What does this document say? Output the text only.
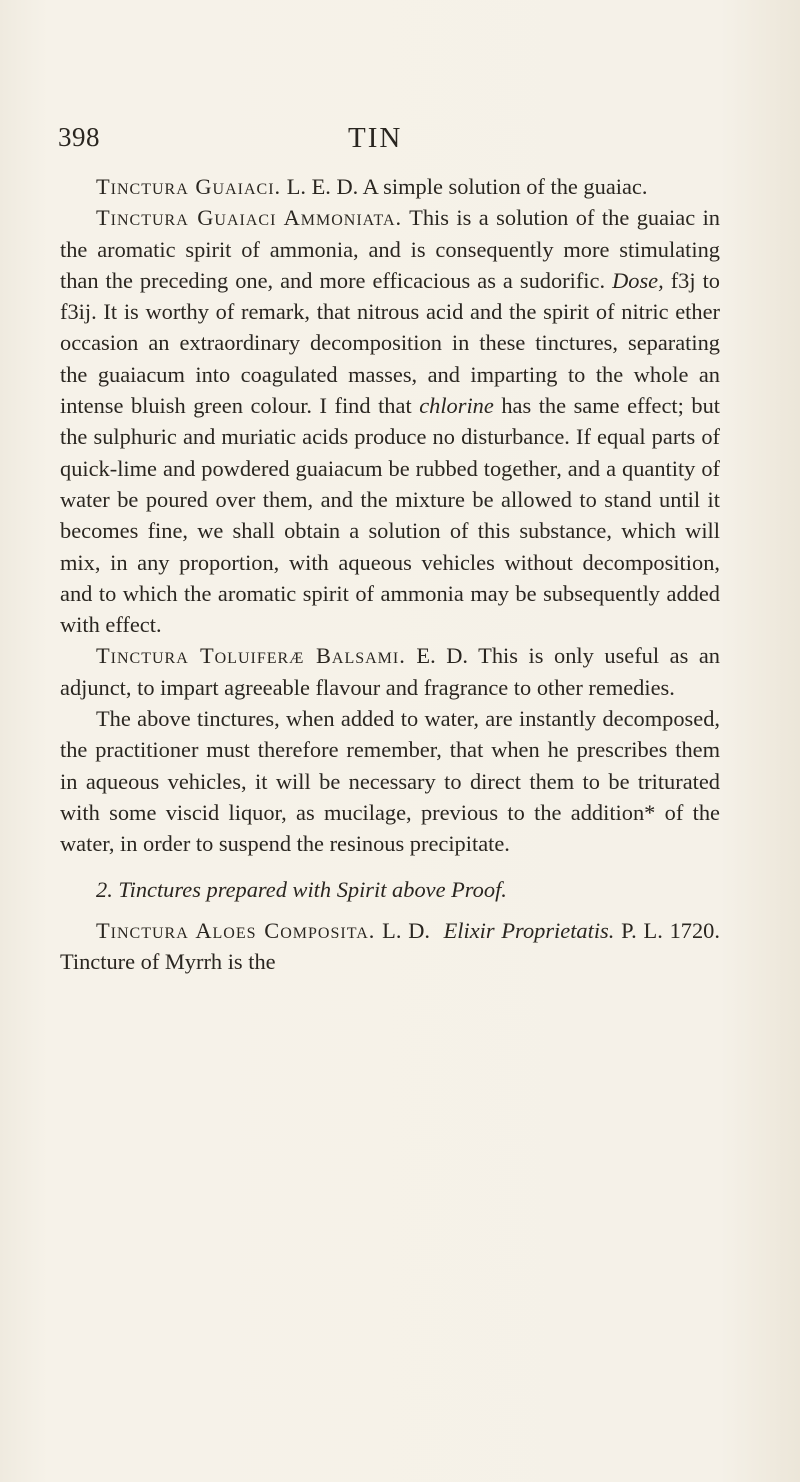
398	TIN

Tinctura Guaiaci. L. E. D. A simple solution of the guaiac.

Tinctura Guaiaci Ammoniata. This is a solution of the guaiac in the aromatic spirit of ammonia, and is consequently more stimulating than the preceding one, and more efficacious as a sudorific. Dose, f3j to f3ij. It is worthy of remark, that nitrous acid and the spirit of nitric ether occasion an extraordinary decomposition in these tinctures, separating the guaiacum into coagulated masses, and imparting to the whole an intense bluish green colour. I find that chlorine has the same effect; but the sulphuric and muriatic acids produce no disturbance. If equal parts of quick-lime and powdered guaiacum be rubbed together, and a quantity of water be poured over them, and the mixture be allowed to stand until it becomes fine, we shall obtain a solution of this substance, which will mix, in any proportion, with aqueous vehicles without decomposition, and to which the aromatic spirit of ammonia may be subsequently added with effect.

Tinctura Toluiferæ Balsami. E. D. This is only useful as an adjunct, to impart agreeable flavour and fragrance to other remedies.

The above tinctures, when added to water, are instantly decomposed, the practitioner must therefore remember, that when he prescribes them in aqueous vehicles, it will be necessary to direct them to be triturated with some viscid liquor, as mucilage, previous to the addition* of the water, in order to suspend the resinous precipitate.

2. Tinctures prepared with Spirit above Proof.

Tinctura Aloes Composita. L. D. Elixir Proprietatis. P. L. 1720. Tincture of Myrrh is the
